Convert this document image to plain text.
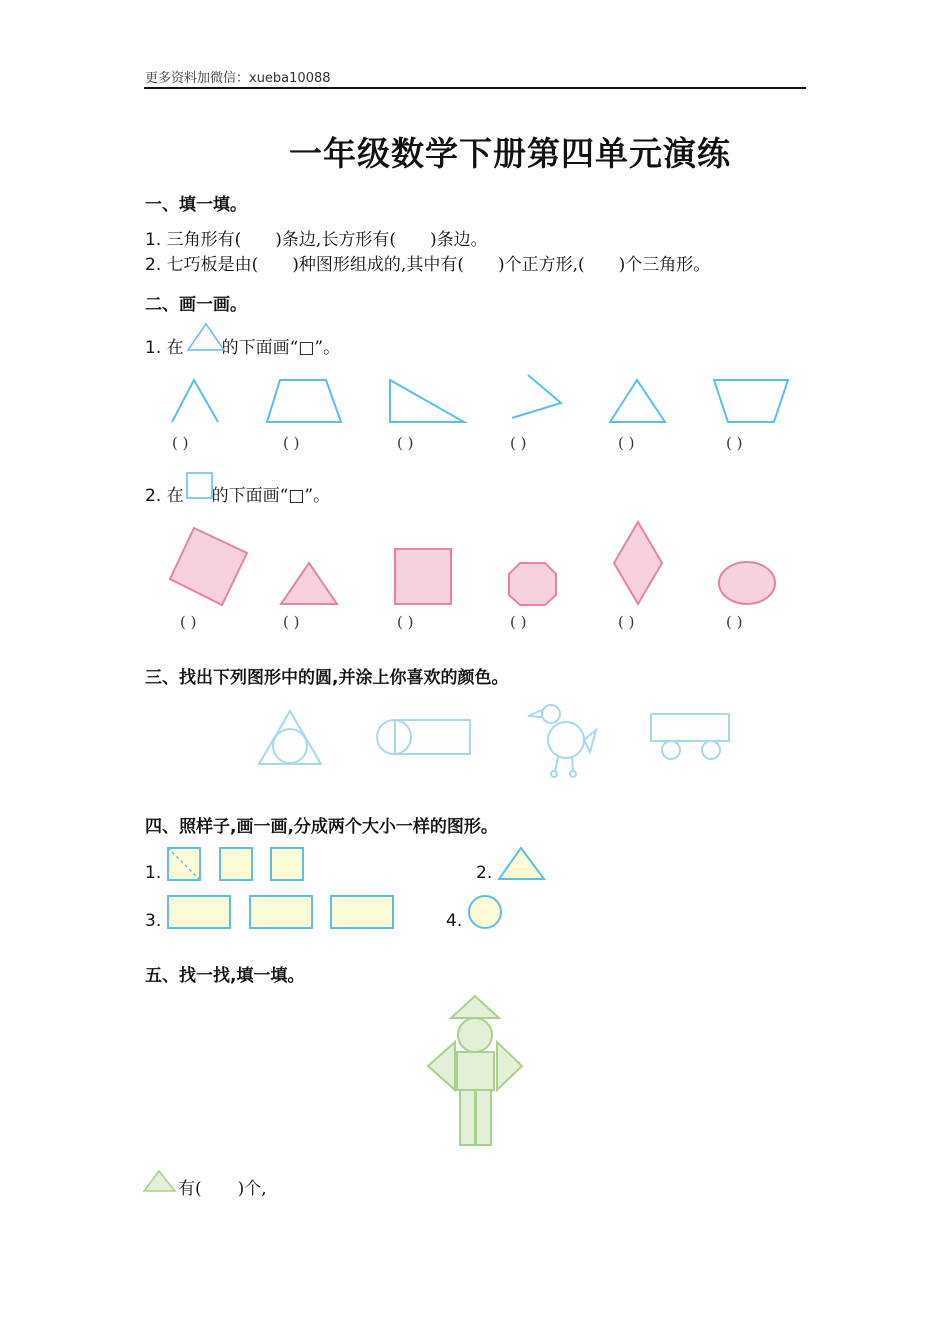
更多资料加微信：xueba10088
一年级数学下册第四单元演练
一、填一填。
1. 三角形有( )条边,长方形有( )条边。
2. 七巧板是由( )种图形组成的,其中有( )个正方形,( )个三角形。
二、画一画。
1. 在 的下面画“□”。
( )	( )	( )	( )	( )	( )
2. 在 的下面画“□”。
( )	( )	( )	( )	( )	( )
三、找出下列图形中的圆,并涂上你喜欢的颜色。
四、照样子,画一画,分成两个大小一样的图形。
1.	2.
3.	4.
五、找一找,填一填。
有( )个,
